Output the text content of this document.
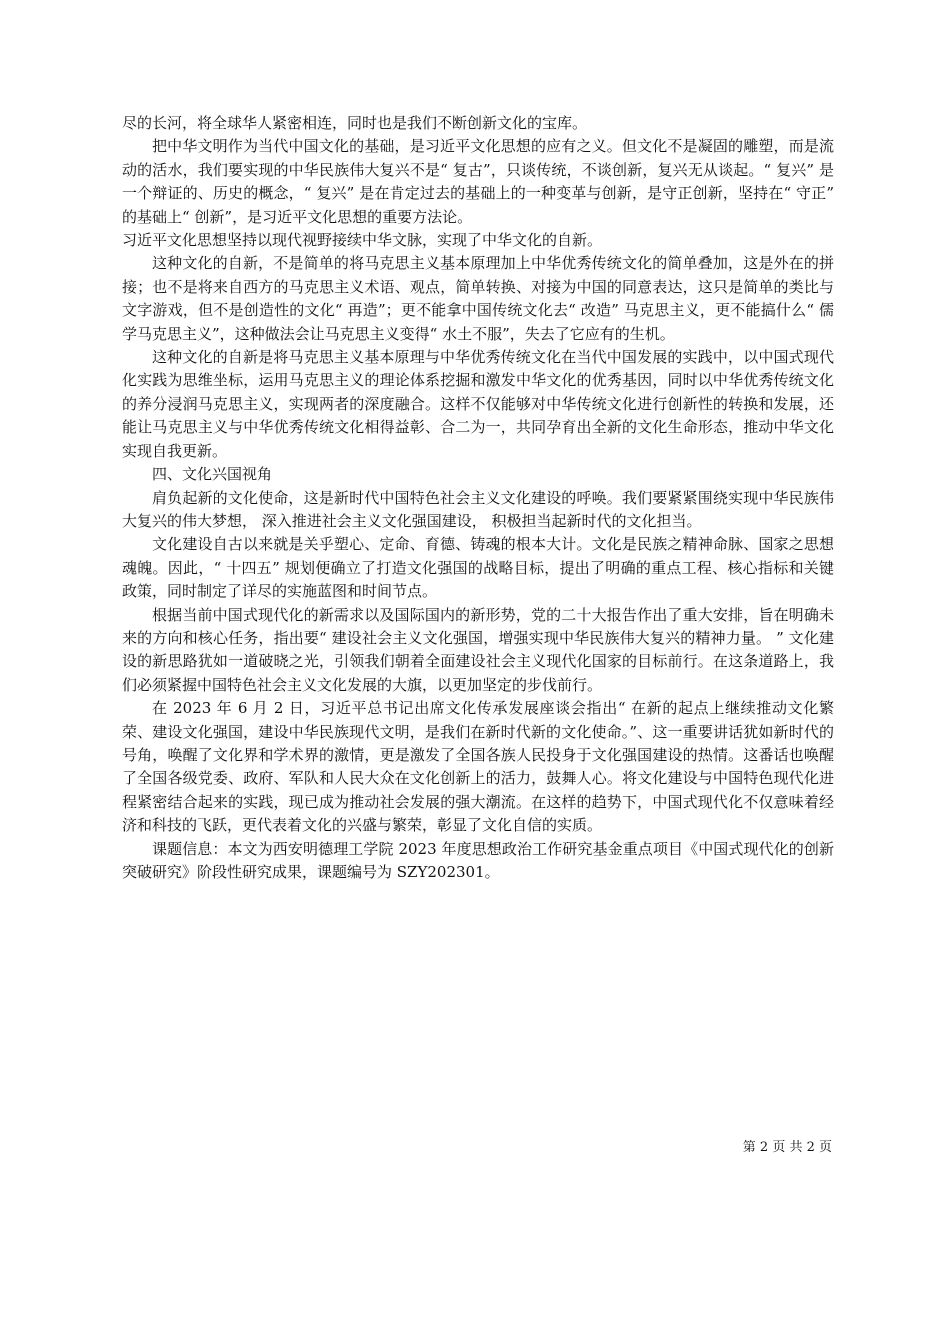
尽的长河，将全球华人紧密相连，同时也是我们不断创新文化的宝库。

把中华文明作为当代中国文化的基础，是习近平文化思想的应有之义。但文化不是凝固的雕塑，而是流动的活水，我们要实现的中华民族伟大复兴不是“ 复古”，只谈传统，不谈创新，复兴无从谈起。“ 复兴” 是一个辩证的、历史的概念，“ 复兴” 是在肯定过去的基础上的一种变革与创新，是守正创新，坚持在“ 守正” 的基础上“ 创新”，是习近平文化思想的重要方法论。

习近平文化思想坚持以现代视野接续中华文脉，实现了中华文化的自新。

这种文化的自新，不是简单的将马克思主义基本原理加上中华优秀传统文化的简单叠加，这是外在的拼接；也不是将来自西方的马克思主义术语、观点，简单转换、对接为中国的同意表达，这只是简单的类比与文字游戏，但不是创造性的文化“ 再造”；更不能拿中国传统文化去“ 改造” 马克思主义，更不能搞什么“ 儒学马克思主义”，这种做法会让马克思主义变得“ 水土不服”，失去了它应有的生机。

这种文化的自新是将马克思主义基本原理与中华优秀传统文化在当代中国发展的实践中，以中国式现代化实践为思维坐标，运用马克思主义的理论体系挖掘和激发中华文化的优秀基因，同时以中华优秀传统文化的养分浸润马克思主义，实现两者的深度融合。这样不仅能够对中华传统文化进行创新性的转换和发展，还能让马克思主义与中华优秀传统文化相得益彰、合二为一，共同孕育出全新的文化生命形态，推动中华文化实现自我更新。

四、文化兴国视角

肩负起新的文化使命，这是新时代中国特色社会主义文化建设的呼唤。我们要紧紧围绕实现中华民族伟大复兴的伟大梦想， 深入推进社会主义文化强国建设， 积极担当起新时代的文化担当。

文化建设自古以来就是关乎塑心、定命、育德、铸魂的根本大计。文化是民族之精神命脉、国家之思想魂魄。因此，“ 十四五” 规划便确立了打造文化强国的战略目标，提出了明确的重点工程、核心指标和关键政策，同时制定了详尽的实施蓝图和时间节点。

根据当前中国式现代化的新需求以及国际国内的新形势，党的二十大报告作出了重大安排，旨在明确未来的方向和核心任务，指出要“ 建设社会主义文化强国，增强实现中华民族伟大复兴的精神力量。 ” 文化建设的新思路犹如一道破晓之光，引领我们朝着全面建设社会主义现代化国家的目标前行。在这条道路上，我们必须紧握中国特色社会主义文化发展的大旗，以更加坚定的步伐前行。

在 2023 年 6 月 2 日，习近平总书记出席文化传承发展座谈会指出“ 在新的起点上继续推动文化繁荣、建设文化强国，建设中华民族现代文明，是我们在新时代新的文化使命。”、这一重要讲话犹如新时代的号角，唤醒了文化界和学术界的激情，更是激发了全国各族人民投身于文化强国建设的热情。这番话也唤醒了全国各级党委、政府、军队和人民大众在文化创新上的活力，鼓舞人心。将文化建设与中国特色现代化进程紧密结合起来的实践，现已成为推动社会发展的强大潮流。在这样的趋势下，中国式现代化不仅意味着经济和科技的飞跃，更代表着文化的兴盛与繁荣，彰显了文化自信的实质。

课题信息：本文为西安明德理工学院 2023 年度思想政治工作研究基金重点项目《中国式现代化的创新突破研究》阶段性研究成果，课题编号为 SZY202301。

第 2 页 共 2 页
